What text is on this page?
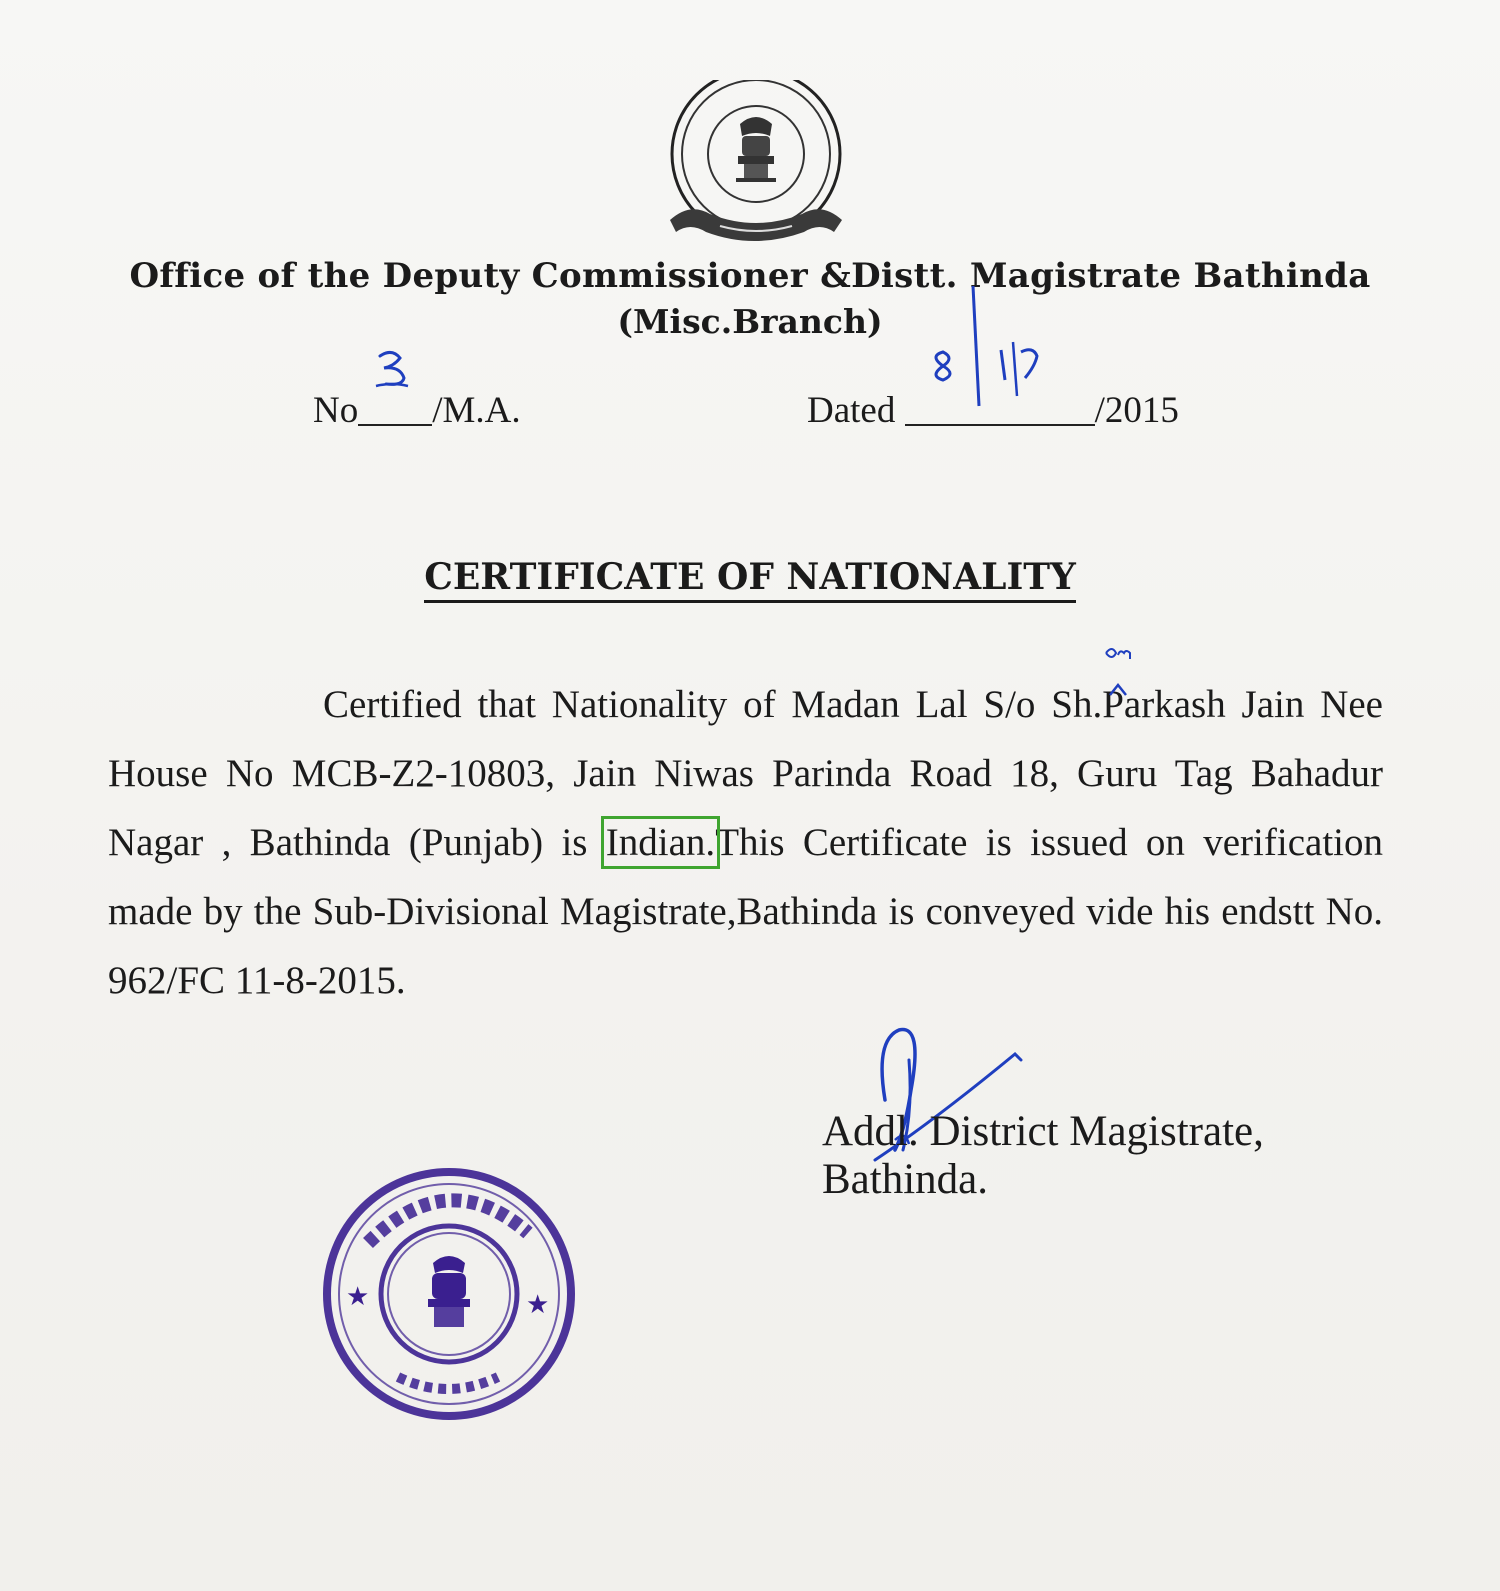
Office of the Deputy Commissioner &Distt. Magistrate Bathinda
(Misc.Branch)
No /M.A.	Dated	/2015
CERTIFICATE OF NATIONALITY
Certified that Nationality of Madan Lal S/o Sh.
Parkash Jain Nee House No MCB-Z2-10803, Jain Niwas Parinda Road 18, Guru Tag Bahadur Nagar , Bathinda (Punjab) is Indian.This Certificate is issued on verification made by the Sub-Divisional Magistrate,Bathinda is conveyed vide his endstt No. 962/FC 11-8-2015.
Addl. District Magistrate,
Bathinda.
★	★
